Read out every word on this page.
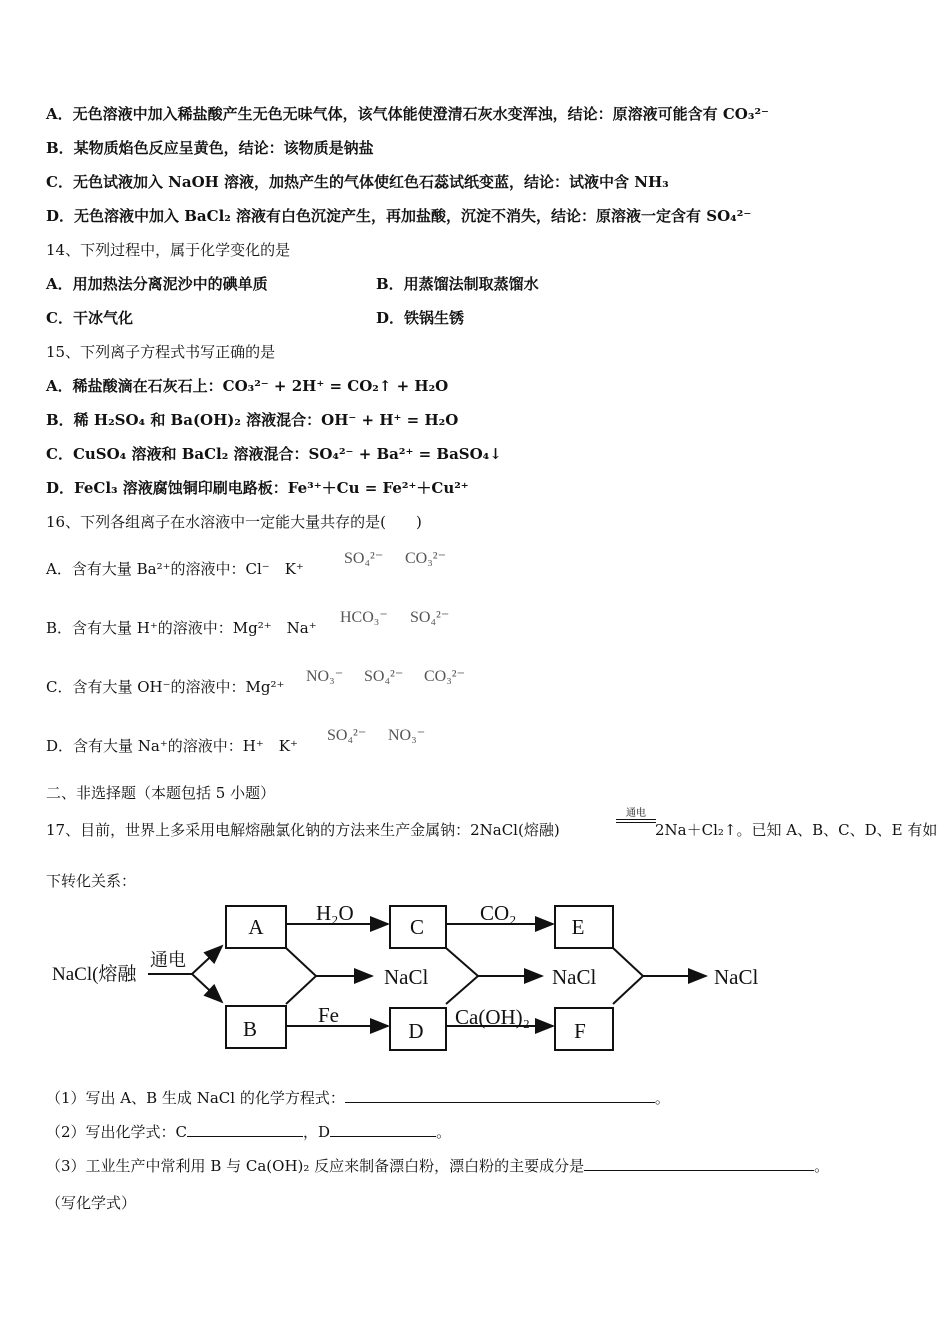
A．无色溶液中加入稀盐酸产生无色无味气体，该气体能使澄清石灰水变浑浊，结论：原溶液可能含有 CO₃²⁻
B．某物质焰色反应呈黄色，结论：该物质是钠盐
C．无色试液加入 NaOH 溶液，加热产生的气体使红色石蕊试纸变蓝，结论：试液中含 NH₃
D．无色溶液中加入 BaCl₂ 溶液有白色沉淀产生，再加盐酸，沉淀不消失，结论：原溶液一定含有 SO₄²⁻
14、下列过程中，属于化学变化的是
A．用加热法分离泥沙中的碘单质	B．用蒸馏法制取蒸馏水
C．干冰气化	D．铁锅生锈
15、下列离子方程式书写正确的是
A．稀盐酸滴在石灰石上：CO₃²⁻ + 2H⁺ = CO₂↑ + H₂O
B．稀 H₂SO₄ 和 Ba(OH)₂ 溶液混合：OH⁻ + H⁺ = H₂O
C．CuSO₄ 溶液和 BaCl₂ 溶液混合：SO₄²⁻ + Ba²⁺ = BaSO₄↓
D．FeCl₃ 溶液腐蚀铜印刷电路板：Fe³⁺＋Cu = Fe²⁺＋Cu²⁺
16、下列各组离子在水溶液中一定能大量共存的是(　　)
A．含有大量 Ba²⁺的溶液中：Cl⁻　K⁺
SO₄²⁻ CO₃²⁻
B．含有大量 H⁺的溶液中：Mg²⁺　Na⁺
HCO₃⁻ SO₄²⁻
C．含有大量 OH⁻的溶液中：Mg²⁺
NO₃⁻ SO₄²⁻ CO₃²⁻
D．含有大量 Na⁺的溶液中：H⁺　K⁺
SO₄²⁻ NO₃⁻
二、非选择题（本题包括 5 小题）
17、目前，世界上多采用电解熔融氯化钠的方法来生产金属钠：2NaCl(熔融)
通电
2Na＋Cl₂↑。已知 A、B、C、D、E 有如
下转化关系：
NaCl(熔融
通电
A
B
C
D
E
F
H₂O
Fe
CO₂
Ca(OH)₂
NaCl	NaCl	NaCl
（1）写出 A、B 生成 NaCl 的化学方程式：	。
（2）写出化学式：C	，D	。
（3）工业生产中常利用 B 与 Ca(OH)₂ 反应来制备漂白粉，漂白粉的主要成分是	。
（写化学式）
